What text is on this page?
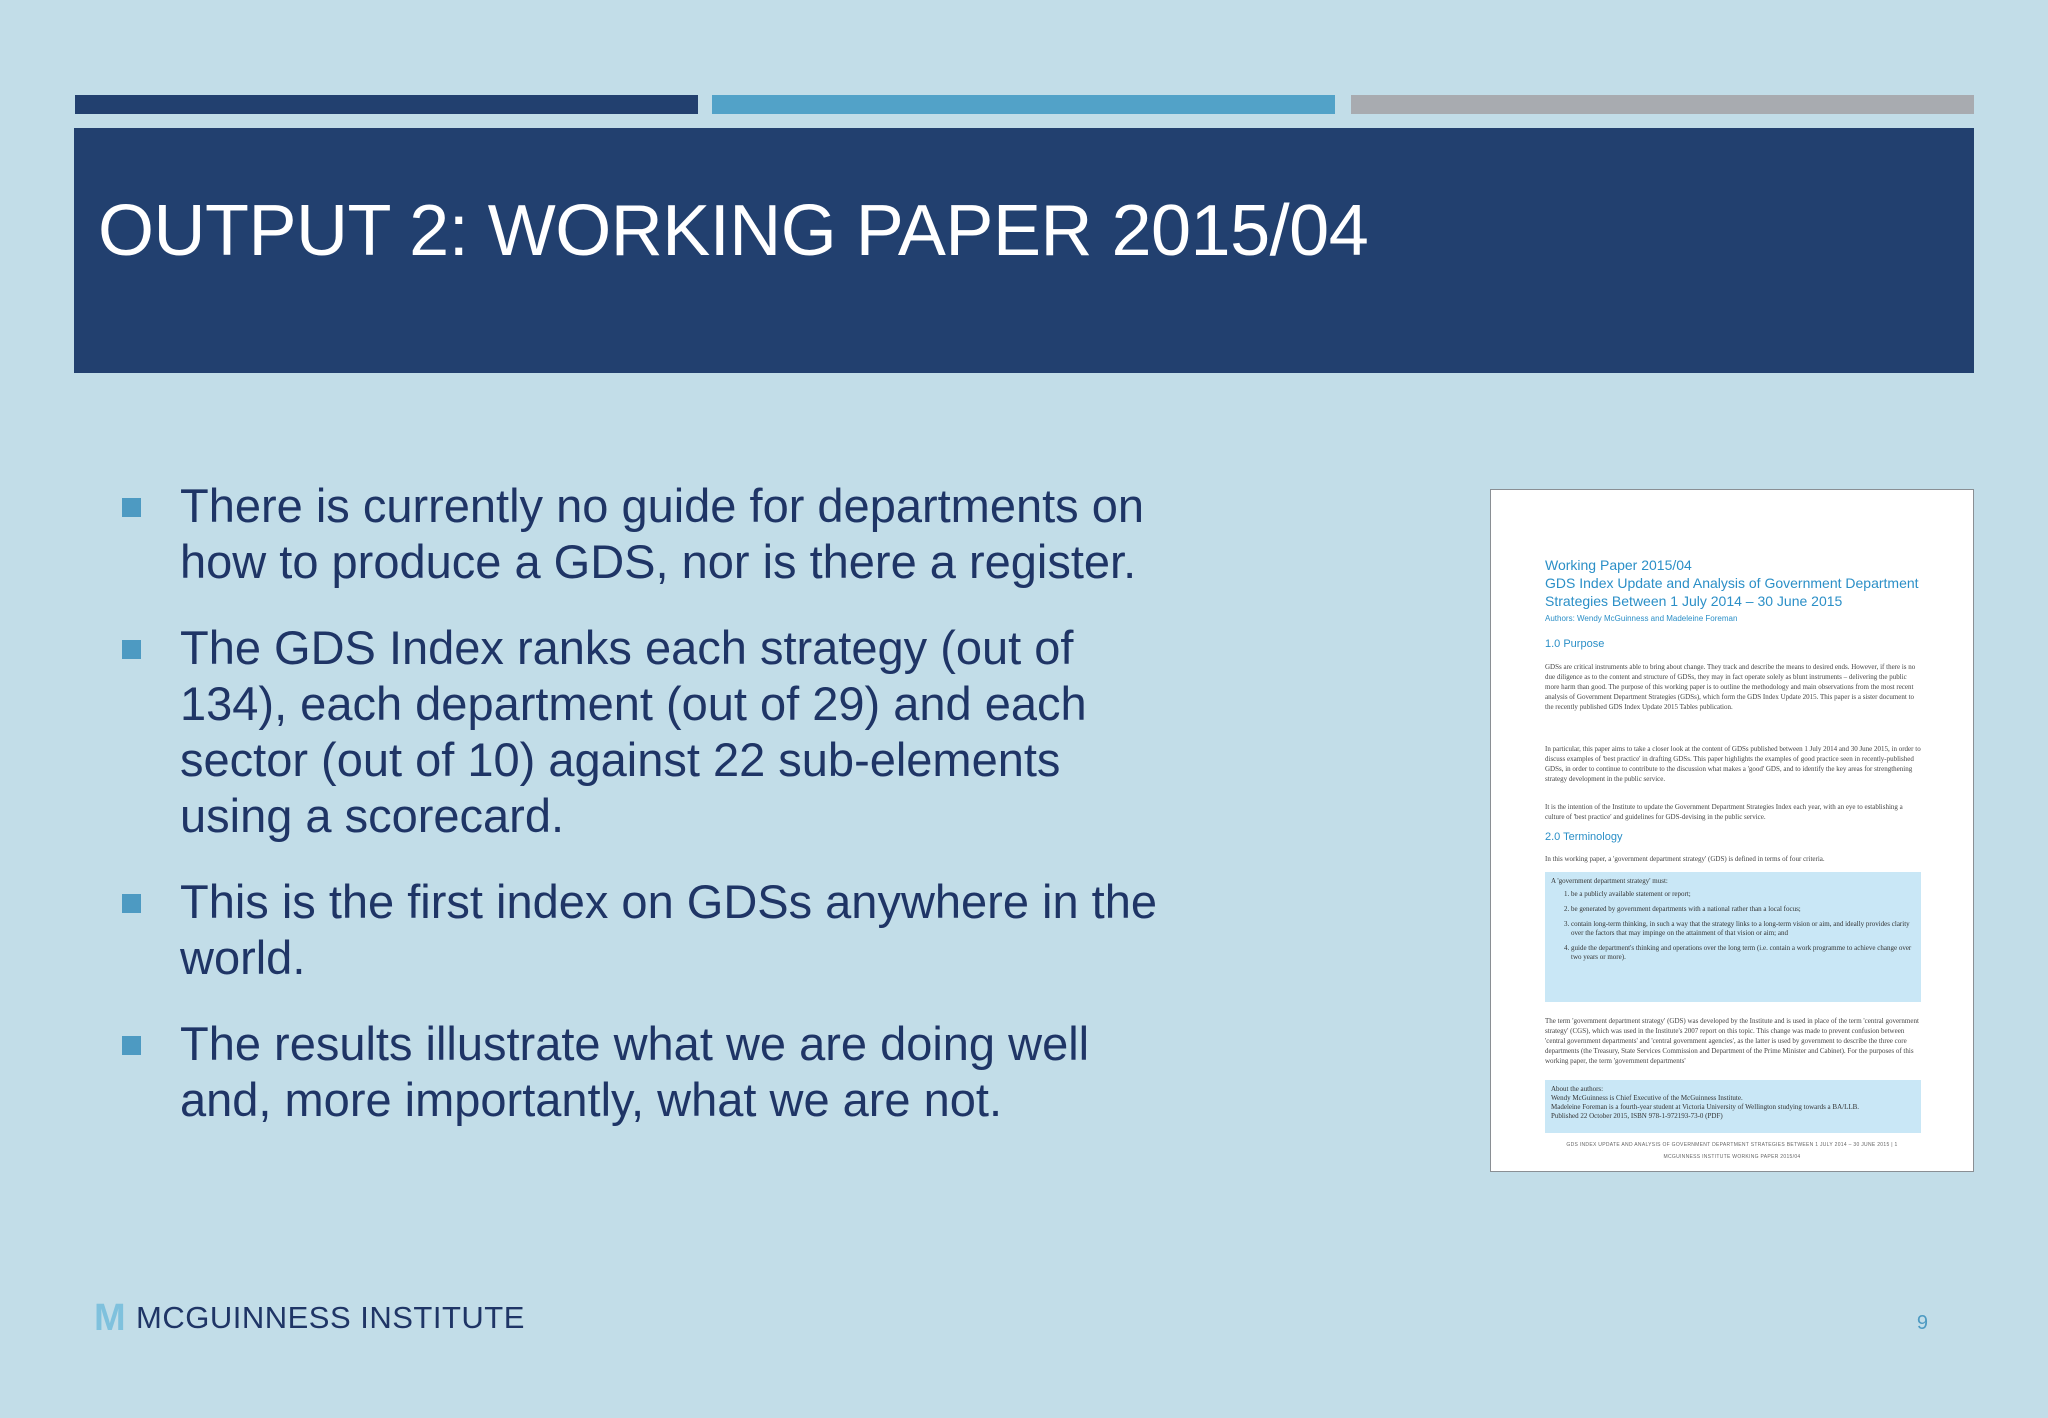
OUTPUT 2: WORKING PAPER 2015/04
There is currently no guide for departments on how to produce a GDS, nor is there a register.
The GDS Index ranks each strategy (out of 134), each department (out of 29) and each sector (out of 10) against 22 sub-elements using a scorecard.
This is the first index on GDSs anywhere in the world.
The results illustrate what we are doing well and, more importantly, what we are not.
Working Paper 2015/04
GDS Index Update and Analysis of Government Department Strategies Between 1 July 2014 – 30 June 2015
Authors: Wendy McGuinness and Madeleine Foreman
1.0 Purpose
GDSs are critical instruments able to bring about change. They track and describe the means to desired ends. However, if there is no due diligence as to the content and structure of GDSs, they may in fact operate solely as blunt instruments – delivering the public more harm than good. The purpose of this working paper is to outline the methodology and main observations from the most recent analysis of Government Department Strategies (GDSs), which form the GDS Index Update 2015. This paper is a sister document to the recently published GDS Index Update 2015 Tables publication.
In particular, this paper aims to take a closer look at the content of GDSs published between 1 July 2014 and 30 June 2015, in order to discuss examples of 'best practice' in drafting GDSs. This paper highlights the examples of good practice seen in recently-published GDSs, in order to continue to contribute to the discussion what makes a 'good' GDS, and to identify the key areas for strengthening strategy development in the public service.
It is the intention of the Institute to update the Government Department Strategies Index each year, with an eye to establishing a culture of 'best practice' and guidelines for GDS-devising in the public service.
2.0 Terminology
In this working paper, a 'government department strategy' (GDS) is defined in terms of four criteria.
A 'government department strategy' must:
1. be a publicly available statement or report;
2. be generated by government departments with a national rather than a local focus;
3. contain long-term thinking, in such a way that the strategy links to a long-term vision or aim, and ideally provides clarity over the factors that may impinge on the attainment of that vision or aim; and
4. guide the department's thinking and operations over the long term (i.e. contain a work programme to achieve change over two years or more).
The term 'government department strategy' (GDS) was developed by the Institute and is used in place of the term 'central government strategy' (CGS), which was used in the Institute's 2007 report on this topic. This change was made to prevent confusion between 'central government departments' and 'central government agencies', as the latter is used by government to describe the three core departments (the Treasury, State Services Commission and Department of the Prime Minister and Cabinet). For the purposes of this working paper, the term 'government departments'
About the authors:
Wendy McGuinness is Chief Executive of the McGuinness Institute.
Madeleine Foreman is a fourth-year student at Victoria University of Wellington studying towards a BA/LLB.
Published 22 October 2015, ISBN 978-1-972193-73-0 (PDF)
GDS INDEX UPDATE AND ANALYSIS OF GOVERNMENT DEPARTMENT STRATEGIES BETWEEN 1 JULY 2014 – 30 JUNE 2015 | 1
MCGUINNESS INSTITUTE WORKING PAPER 2015/04
M MCGUINNESS INSTITUTE	9
